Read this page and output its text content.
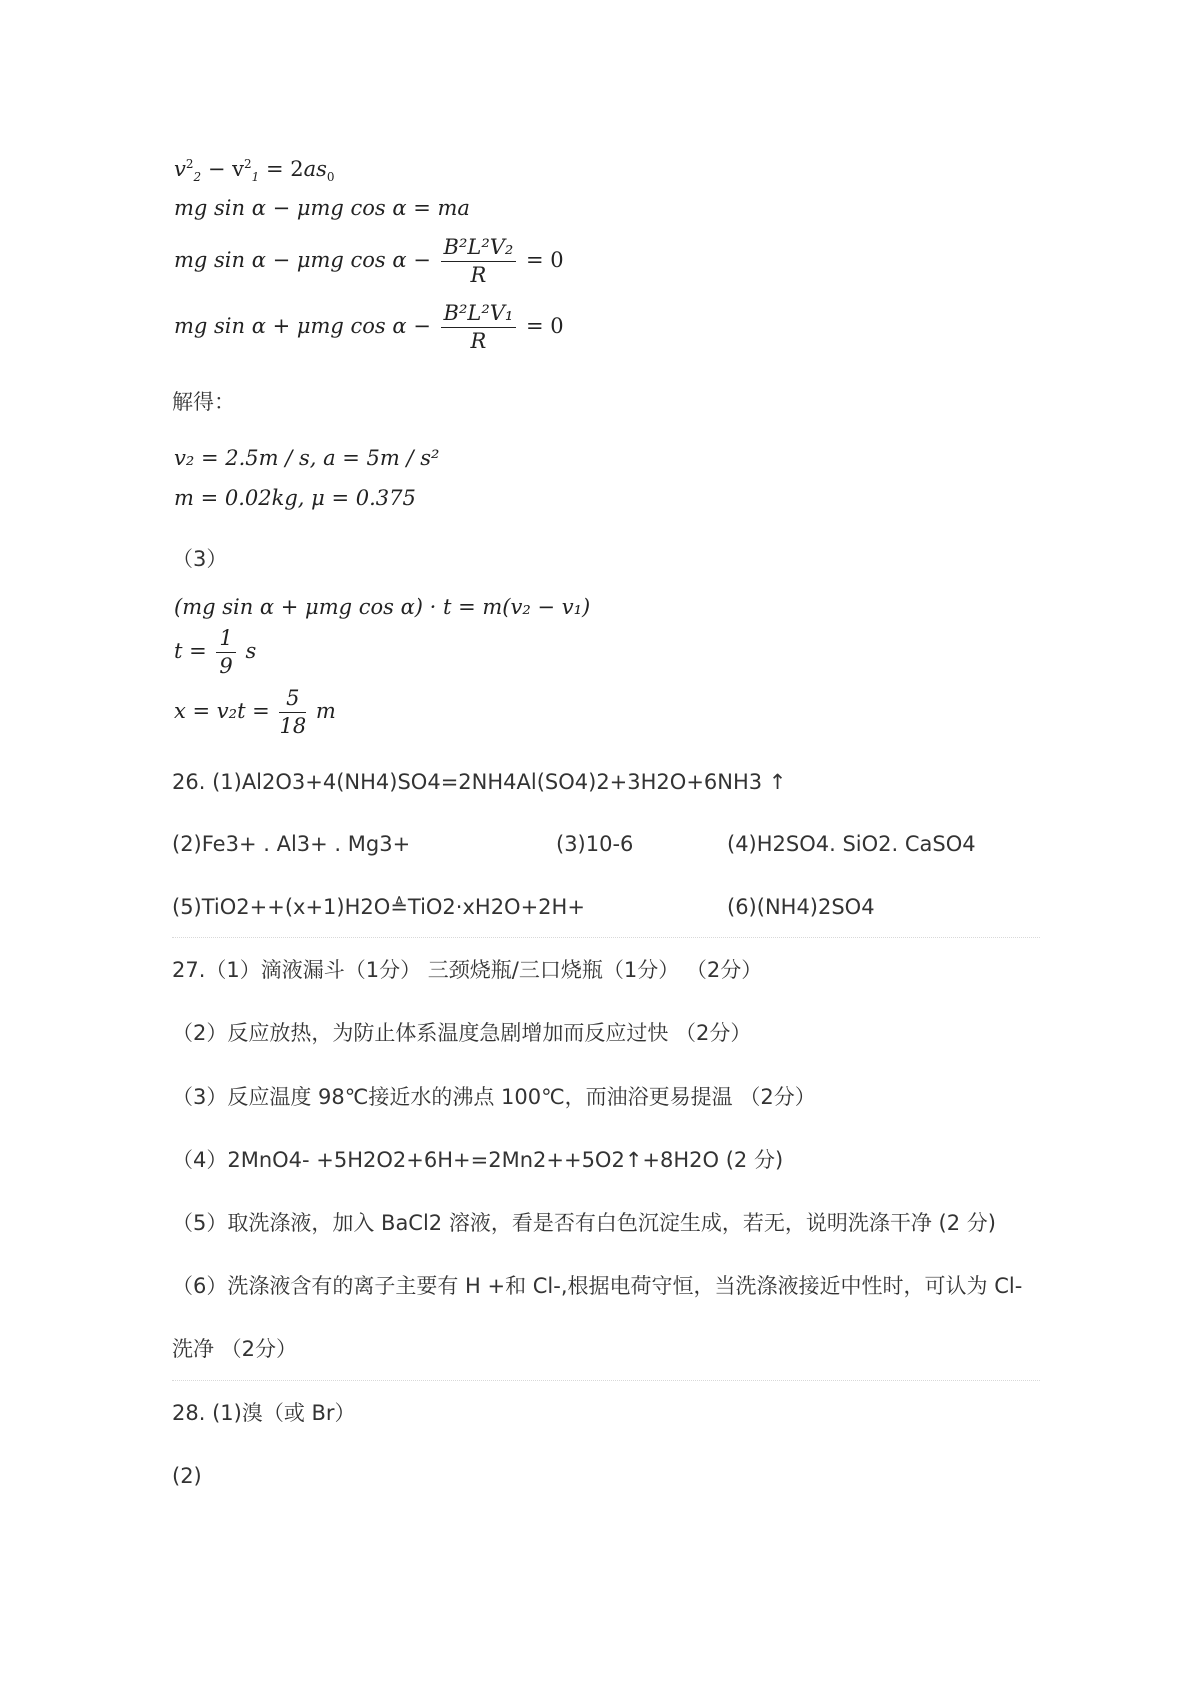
$v^2_2 - v^2_1 = 2as_0$
mg sin α − μmg cos α = ma
mg sin α − μmg $\cos \alpha - \frac{\text{B²L²V₂}}{R} = 0$
mg sin α + μmg $\cos \alpha - \frac{\text{B²L²V₁}}{R} = 0$
解得：
v₂ = 2.5m / s, a = 5m / s²
m = 0.02kg, μ = 0.375
（3）
(mg sin α + μmg cos α) · t = m(v₂ − v₁)
$t = \frac{1}{9}$ s
$x = v_2t = \frac{5}{18}$ m
26. (1)Al2O3+4(NH4)SO4=2NH4Al(SO4)2+3H2O+6NH3 ↑
(2)Fe3+ . Al3+ . Mg3+	(3)10-6	(4)H2SO4. SiO2. CaSO4
(5)TiO2++(x+1)H2O≜TiO2·xH2O+2H+	(6)(NH4)2SO4
27.（1）滴液漏斗（1分） 三颈烧瓶/三口烧瓶（1分） （2分）
（2）反应放热，为防止体系温度急剧增加而反应过快 （2分）
（3）反应温度 98℃接近水的沸点 100℃，而油浴更易提温 （2分）
（4）2MnO4- +5H2O2+6H+=2Mn2++5O2↑+8H2O (2 分)
（5）取洗涤液，加入 BaCl2 溶液，看是否有白色沉淀生成，若无，说明洗涤干净 (2 分)
（6）洗涤液含有的离子主要有 H +和 Cl-,根据电荷守恒，当洗涤液接近中性时，可认为 Cl-
洗净 （2分）
28. (1)溴（或 Br）
(2)
